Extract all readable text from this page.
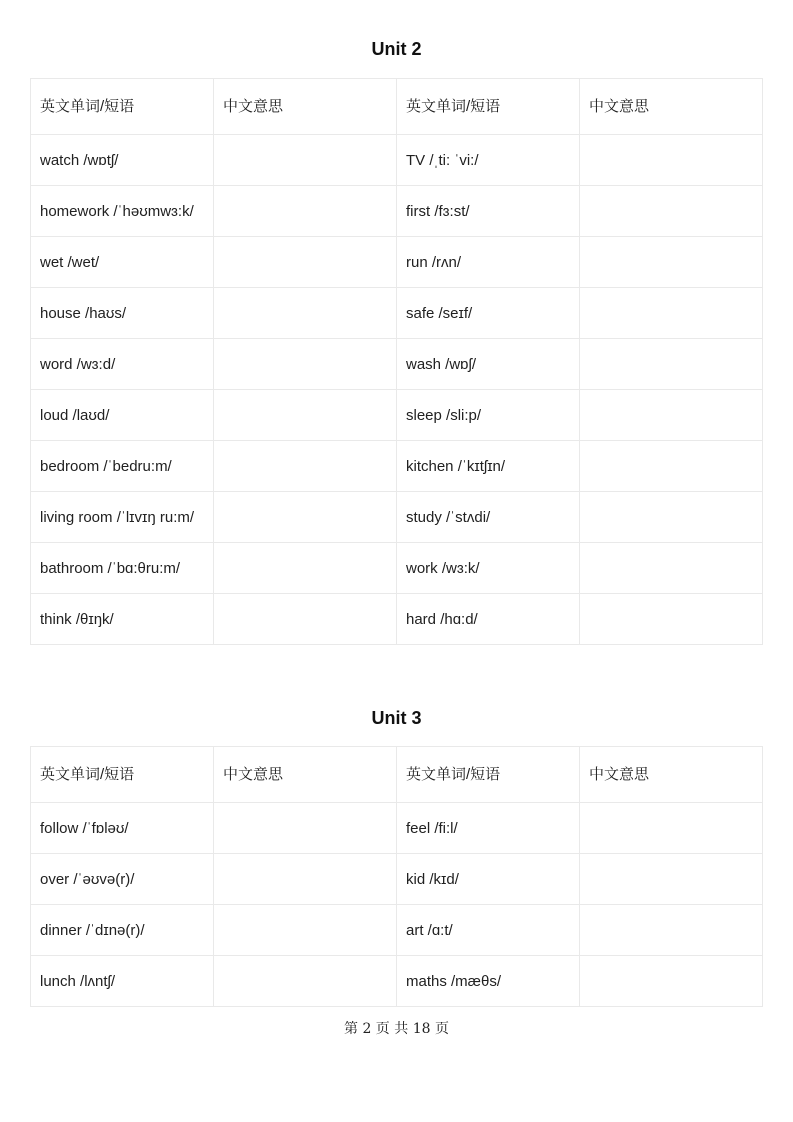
Unit 2
英文单词/短语	中文意思	英文单词/短语	中文意思
watch /wɒtʃ/		TV /ˌti: ˈvi:/	
homework /ˈhəʊmwɜ:k/		first /fɜ:st/	
wet /wet/		run /rʌn/	
house /haʊs/		safe /seɪf/	
word /wɜ:d/		wash /wɒʃ/	
loud /laʊd/		sleep /sli:p/	
bedroom /ˈbedru:m/		kitchen /ˈkɪtʃɪn/	
living room /ˈlɪvɪŋ ru:m/		study /ˈstʌdi/	
bathroom /ˈbɑ:θru:m/		work /wɜ:k/	
think /θɪŋk/		hard /hɑ:d/	
Unit 3
英文单词/短语	中文意思	英文单词/短语	中文意思
follow /ˈfɒləʊ/		feel /fi:l/	
over /ˈəʊvə(r)/		kid /kɪd/	
dinner /ˈdɪnə(r)/		art /ɑ:t/	
lunch /lʌntʃ/		maths /mæθs/	
第 2 页 共 18 页
